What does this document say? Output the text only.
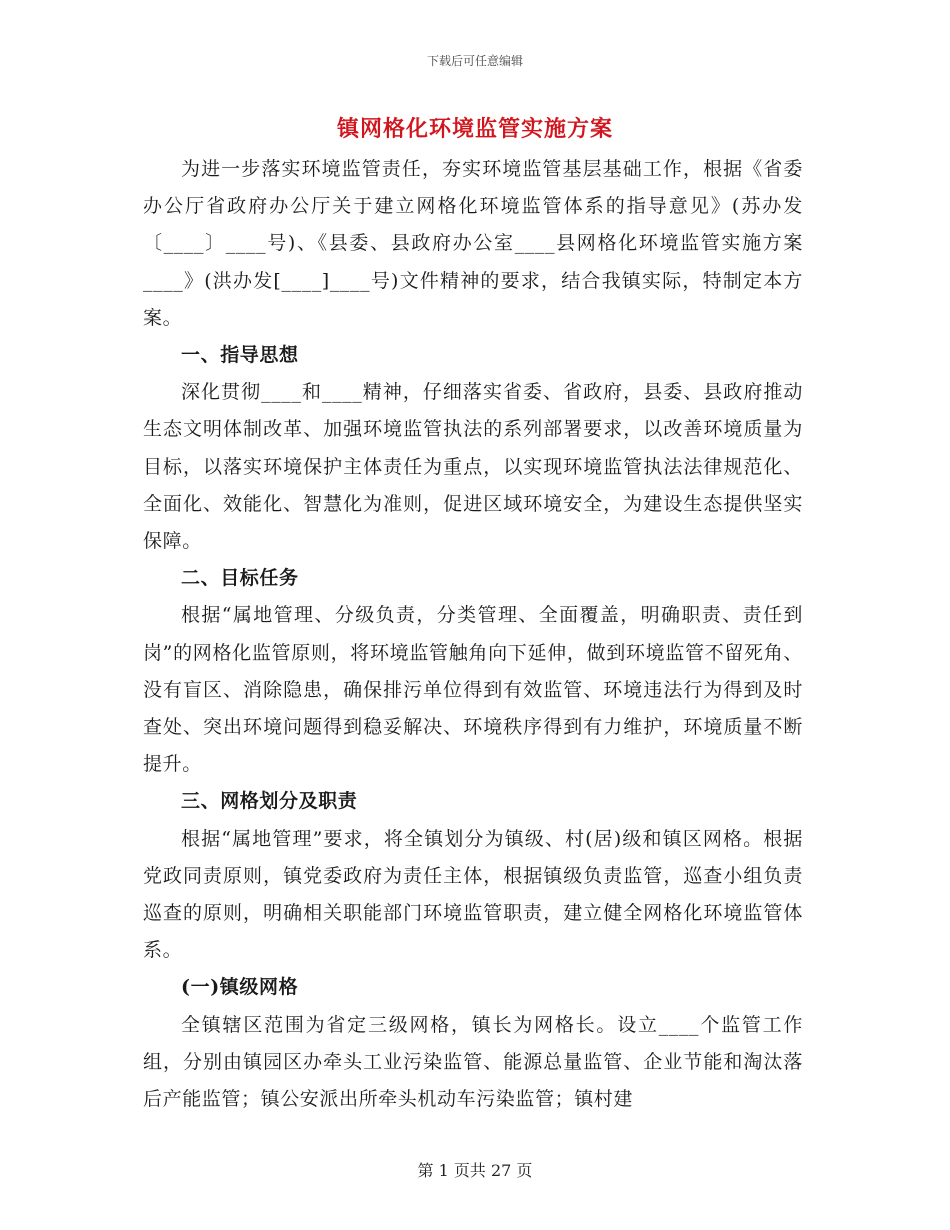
下载后可任意编辑
镇网格化环境监管实施方案

为进一步落实环境监管责任，夯实环境监管基层基础工作，根据《省委办公厅省政府办公厅关于建立网格化环境监管体系的指导意见》(苏办发〔____〕____号)、《县委、县政府办公室____县网格化环境监管实施方案____》(洪办发[____]____号)文件精神的要求，结合我镇实际，特制定本方案。

一、指导思想

深化贯彻____和____精神，仔细落实省委、省政府，县委、县政府推动生态文明体制改革、加强环境监管执法的系列部署要求，以改善环境质量为目标，以落实环境保护主体责任为重点，以实现环境监管执法法律规范化、全面化、效能化、智慧化为准则，促进区域环境安全，为建设生态提供坚实保障。

二、目标任务

根据“属地管理、分级负责，分类管理、全面覆盖，明确职责、责任到岗”的网格化监管原则，将环境监管触角向下延伸，做到环境监管不留死角、没有盲区、消除隐患，确保排污单位得到有效监管、环境违法行为得到及时查处、突出环境问题得到稳妥解决、环境秩序得到有力维护，环境质量不断提升。

三、网格划分及职责

根据“属地管理”要求，将全镇划分为镇级、村(居)级和镇区网格。根据党政同责原则，镇党委政府为责任主体，根据镇级负责监管，巡查小组负责巡查的原则，明确相关职能部门环境监管职责，建立健全网格化环境监管体系。

(一)镇级网格

全镇辖区范围为省定三级网格，镇长为网格长。设立____个监管工作组，分别由镇园区办牵头工业污染监管、能源总量监管、企业节能和淘汰落后产能监管；镇公安派出所牵头机动车污染监管；镇村建

第 1 页共 27 页
